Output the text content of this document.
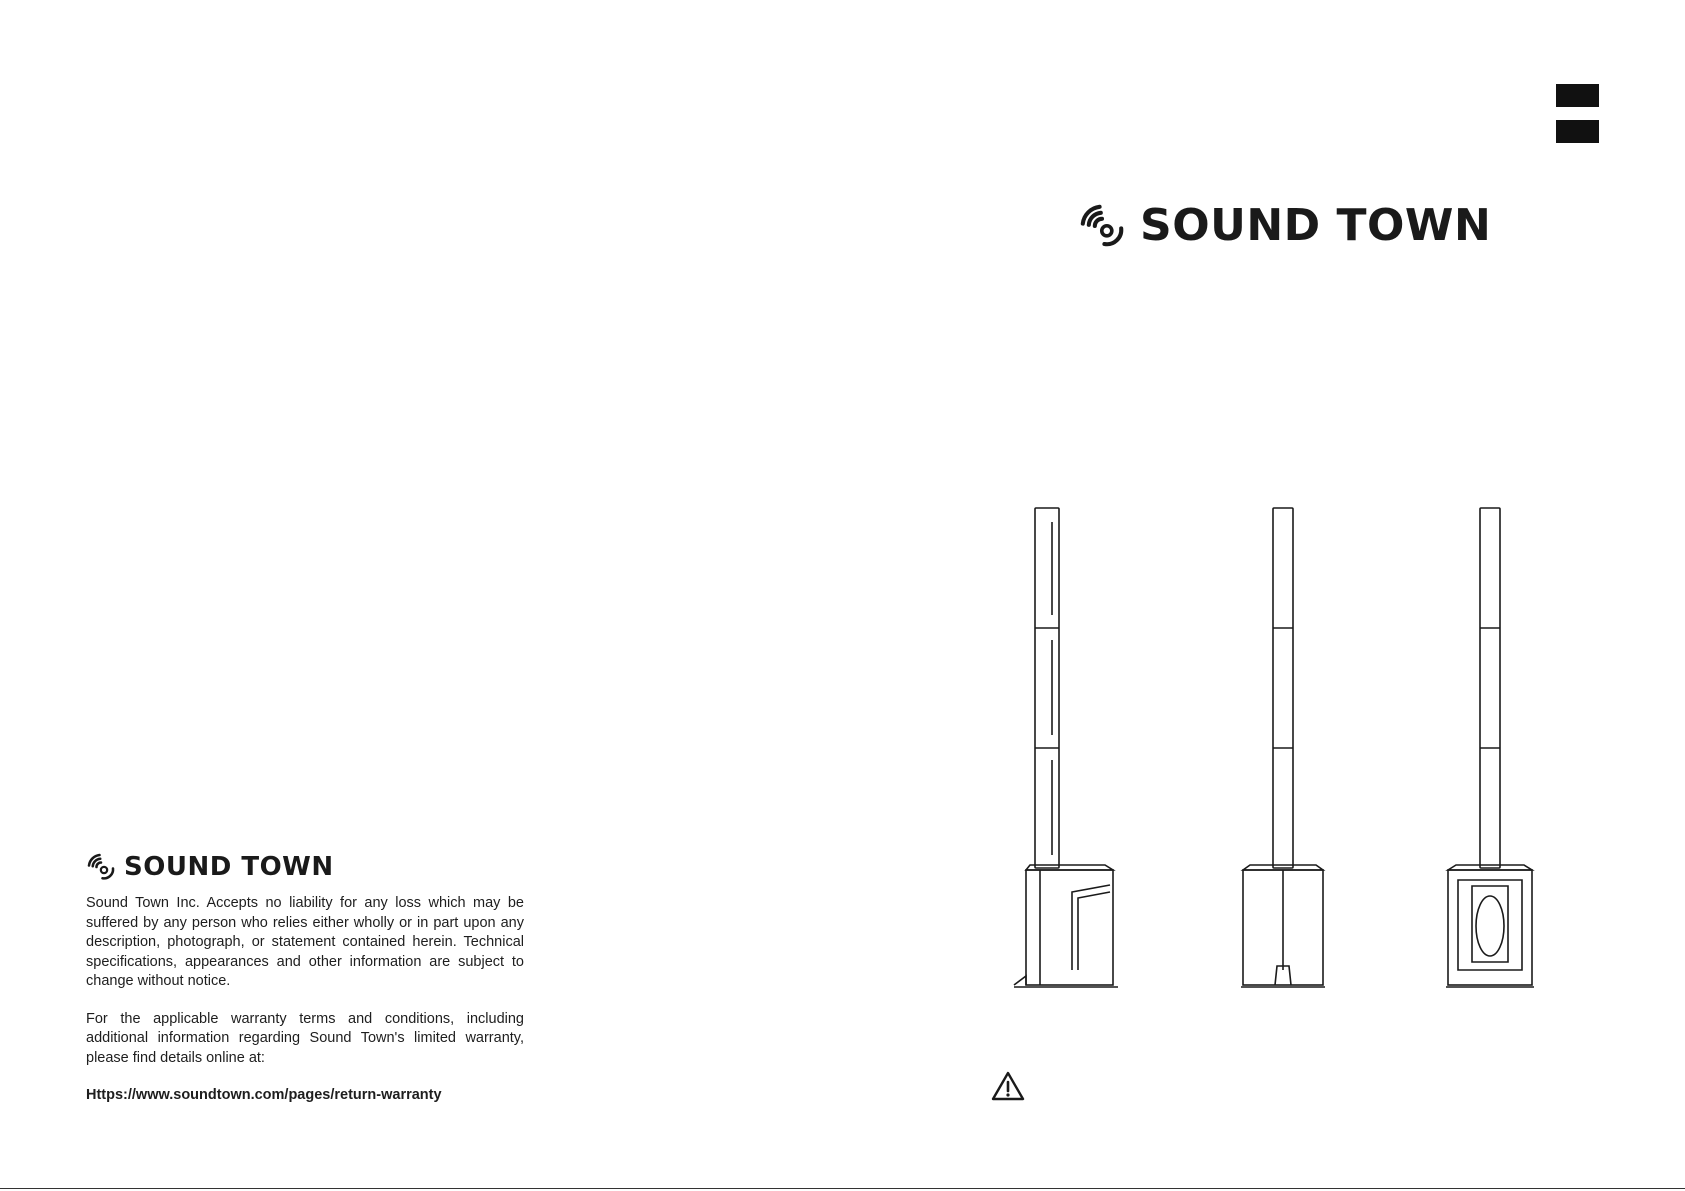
SOUND TOWN

Sound Town Inc. Accepts no liability for any loss which may be suffered by any person who relies either wholly or in part upon any description, photograph, or statement contained herein. Technical specifications, appearances and other information are subject to change without notice.

For the applicable warranty terms and conditions, including additional information regarding Sound Town's limited warranty, please find details online at:

Https://www.soundtown.com/pages/return-warranty

SOUND TOWN
